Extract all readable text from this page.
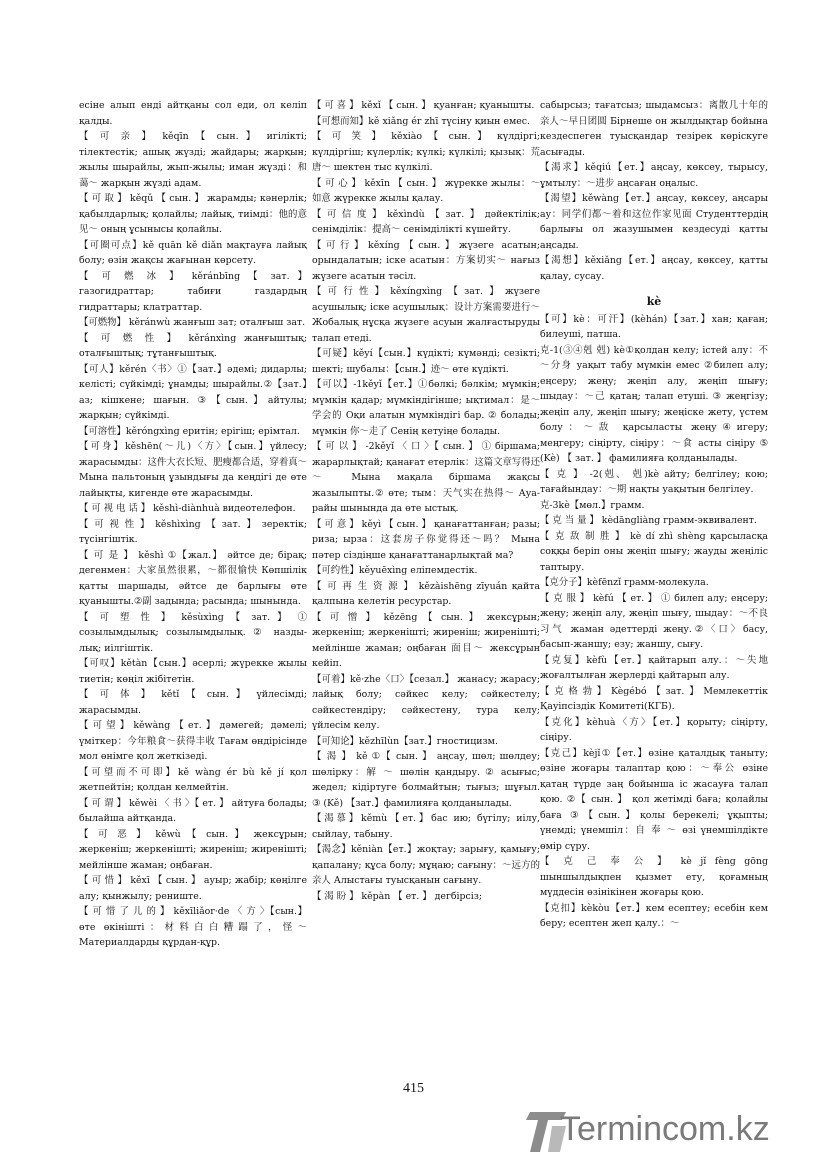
есіне алып енді айтқаны сол еди, ол келіп қалды.

【 可 亲 】 kěqīn 【 сын. 】 игіліктi; тілектестік; ашық жүзді; жайдары; жарқын; жылы шырайлы, жып-жылы; иман жүзді：和蔼～ жарқын жүзді адам.

【 可 取 】 kěqǔ 【 сын. 】 жарамды; кәнерлік; қабылдарлық; қолайлы; лайық, тиімді：他的意见～ оның ұсынысы қолайлы.

【可圈可点】kě quān kě diǎn мақтауға лайық болу; өзін жақсы жағынан көрсету.

【 可 燃 冰 】 kěránbīng 【 зат. 】 газогидраттар; табиғи газдардың гидраттары; клатраттар.

【可燃物】 kěránwù жанғыш зат; оталғыш зат.

【 可 燃 性 】 kěránxìng жанғыштық; оталғыштық; тұтанғыштық.

【可人】kěrén〈书〉①【зат.】әдемі; дидарлы; келісті; сүйкімді; ұнамды; шырайлы.②【зат.】аз; кішкене; шағын. ③【сын.】айтулы; жарқын; сүйкімді.

【可溶性】kěróngxìng еритін; ерігіш; ерімтал.

【可身】kěshēn(～儿)〈方〉【сын.】үйлесу; жарасымды：这件大衣长短、肥瘦都合适，穿着真～ Мына пальтоның ұзындығы да кеңдігі де өте лайықты, кигенде өте жарасымды.

【 可 视 电 话 】 kěshì-diànhuà видеотелефон.

【可视性】kěshìxìng【зат.】зеректік; түсінгіштік.

【 可 是 】 kěshì ①【жал.】 әйтсе де; бірақ; дегенмен：大家虽然很累，～都很愉快 Көпшілік қатты шаршады, әйтсе де барлығы өте қуанышты.②副 задында; расында; шынында.

【 可 塑 性 】 kěsùxìng 【 зат. 】 ① созылымдылық; созылымдылық. ② наздылық; иілгіштік.

【可叹】kětàn【сын.】әсерлі; жүрекке жылы тиетін; көңіл жібітетін.

【 可 体 】 kětǐ 【 сын. 】 үйлесімді; жарасымды.

【可望】kěwàng【ет.】дәмегей; дәмелі; үміткер：今年粮食～获得丰收 Тағам өндірісінде мол өнімге қол жеткізеді.

【可望而不可即】kě wàng ér bù kě jí қол жетпейтін; қолдан келмейтін.

【 可 谓 】 kěwèi 〈 书 〉【 ет. 】 айтуға болады; былайша айтқанда.

【 可 恶 】 kěwù 【 сын. 】 жексұрын; жеркеніш; жеркенішті; жиреніш; жиренішті; мейлінше жаман; оңбаған.

【 可 惜 】 kěxī 【 сын. 】 ауыр; жабір; көңілге алу; қынжылу; рениште.

【 可 惜 了 儿 的 】 kěxīliǎor·de 〈 方 〉【сын.】өте өкінішті：材料白白糟蹋了，怪～ Материалдарды құрдан-құр.

【 可 喜 】 kěxǐ 【 сын. 】 қуанған; қуанышты.

【可想而知】kě xiǎng ér zhī түсіну қиын емес.

【 可 笑 】 kěxiào 【 сын. 】 күлдіргі; күлдіргіш; күлерлік; күлкі; күлкілі; қызық：荒唐～ шектен тыс күлкілі.

【 可 心 】 kěxīn 【 сын. 】 жүрекке жылы：～如意 жүрекке жылы қалау.

【可信度】kěxìndù【зат.】дәйектілік; сенімділік：提高～ сенімділікті күшейту.

【可行】kěxíng【сын.】жүзеге асатын; орындалатын; іске асатын：方案切实～ нағыз жүзеге асатын тәсіл.

【可行性】kěxíngxìng【зат.】жүзеге асушылық; іске асушылық：设计方案需要进行～ Жобалық нұсқа жүзеге асуын жалғастыруды талап етеді.

【可疑】kěyí【сын.】күдікті; күмәнді; сезікті; шекті; шубалы：【сын.】迹～ өте күдікті.

【可以】-1kěyǐ【ет.】①бөлкі; бәлкім; мүмкін; мүмкін қадар; мүмкіндігінше; ықтимал：是～学会的 Оқи алатын мүмкіндігі бар. ② болады; мүмкін 你～走了 Сенің кетуіңе болады.

【 可 以 】 -2kěyǐ 〈 口 〉【 сын. 】 ① біршама; жарарлықтай; қанағат етерлік：这篇文章写得还～ Мына мақала біршама жақсы жазылыпты.② өте; тым：天气实在热得～ Ауа-райы шынында да өте ыстық.

【 可 意 】 kěyì 【 сын. 】 қанағаттанған; разы; риза; ырза：这套房子你觉得还～吗？ Мына пәтер сіздіңше қанағаттанарлықтай ма?

【可约性】kěyuēxìng еліпемдестік.

【 可 再 生 资 源 】 kězàishēng zīyuán қайта қалпына келетін ресурстар.

【 可 憎 】 kězēng 【 сын. 】 жексұрын; жеркеніш; жеркенішті; жиреніш; жиренішті; мейлінше жаман; оңбаған 面目～ жексұрын кейіп.

【可着】kě·zhe〈口〉【сезал.】 жанасу; жарасу; лайық болу; сәйкес келу; сәйкестелу; сәйкестендіру; сәйкестену, тура келу; үйлесім келу.

【可知论】kězhīlùn【зат.】гностицизм.

【 渴 】 kě ①【 сын. 】 аңсау, шөл; шөлдеу; шөлірку：解 ～ шөлін қандыру. ② асығыс; жедел; кідіртуге болмайтын; тығыз; шұғыл. ③ (Kě) 【зат.】фамилияға қолданылады.

【渴慕】kěmù【ет.】бас ию; бүгілу; иілу, сыйлау, табыну.

【渴念】kěniàn【ет.】жоқтау; зарығу, қамығу; қапалану; құса болу; мұңаю; сағыну：～远方的亲人 Алыстағы туысқанын сағыну.

【 渴 盼 】 kěpàn 【 ет. 】 дегбірсіз;

сабырсыз; тағатсыз; шыдамсыз：离散几十年的亲人～早日团圆 Бірнеше он жылдықтар бойына кездеспеген туысқандар тезірек көріскуге асығады.

【渴求】kěqiú【ет.】аңсау, көксеу, тырысу, ұмтылу：～进步 аңсаған оңалыс.

【渴望】kěwàng【ет.】аңсау, көксеу, аңсары ау：同学们都～着和这位作家见面 Студенттердің барлығы ол жазушымен кездесуді қатты аңсады.

【渴想】kěxiǎng【ет.】аңсау, көксеу, қатты қалау, сусау.

kè

【可】kè：可汗】(kèhán)【зат.】хан; қаған; билеуші, патша.

克-1(③④剋 剋) kè①қолдан келу; істей алу：不～分身 уақыт табу мүмкін емес ②билеп алу; еңсеру; жеңу; жеңіп алу, жеңіп шығу; шыдау：～己 қатаң; талап етуші. ③ жеңгізу; жеңіп алу, жеңіп шығу; жеңіске жету, үстем болу：～敌 қарсыласты жеңу④игеру; меңгеру; сіңірту, сіңіру：～食 асты сіңіру ⑤ (Kè) 【 зат. 】 фамилияға қолданылады.

【 克 】 -2(剋、 剋)kè айту; белгілеу; кою; тағайындау：～期 нақты уақытын белгілеу.

克-3kè【мөл.】грамм.

【 克 当 量 】 kèdāngliàng грамм-эквивалент.

【 克 敌 制 胜 】 kè dí zhì shèng қарсыласқа соққы беріп оны жеңіп шығу; жауды жеңіліс таптыру.

【克分子】kèfēnzǐ грамм-молекула.

【 克 服 】 kèfú 【 ет. 】 ① билеп алу; еңсеру; жеңу; жеңіп алу, жеңіп шығу, шыдау：～不良习气 жаман әдеттерді жеңу.②〈口〉басу, басып-жаншу; езу; жаншу, сығу.

【克复】kèfù【ет.】қайтарып алу.：～失地 жоғалтылған жерлерді қайтарып алу.

【克格勃】Kègébó【зат.】Мемлекеттік Қауіпсіздік Комитеті(КГБ).

【克化】kèhuà〈方〉【ет.】қорыту; сіңірту, сіңіру.

【克己】kèjǐ①【ет.】өзіне қаталдық таныту; өзіне жоғары талаптар қою：～奉公 өзіне қатаң түрде заң бойынша іс жасауға талап қою. ②【 сын. 】 қол жетімді баға; қолайлы баға ③【сын.】қолы берекелі; ұқыпты; үнемді; үнемшіл：自 奉 ～ өзі үнемшілдікте өмір сүру.

【 克 己 奉 公 】 kè jǐ fèng gōng шыншылдықпен қызмет ету, қоғамның мүддесін өзінікінен жоғары қою.

【克扣】kèkòu【ет.】кем есептеу; есебін кем беру; есептен жеп қалу.：～

415
Termincom.kz
